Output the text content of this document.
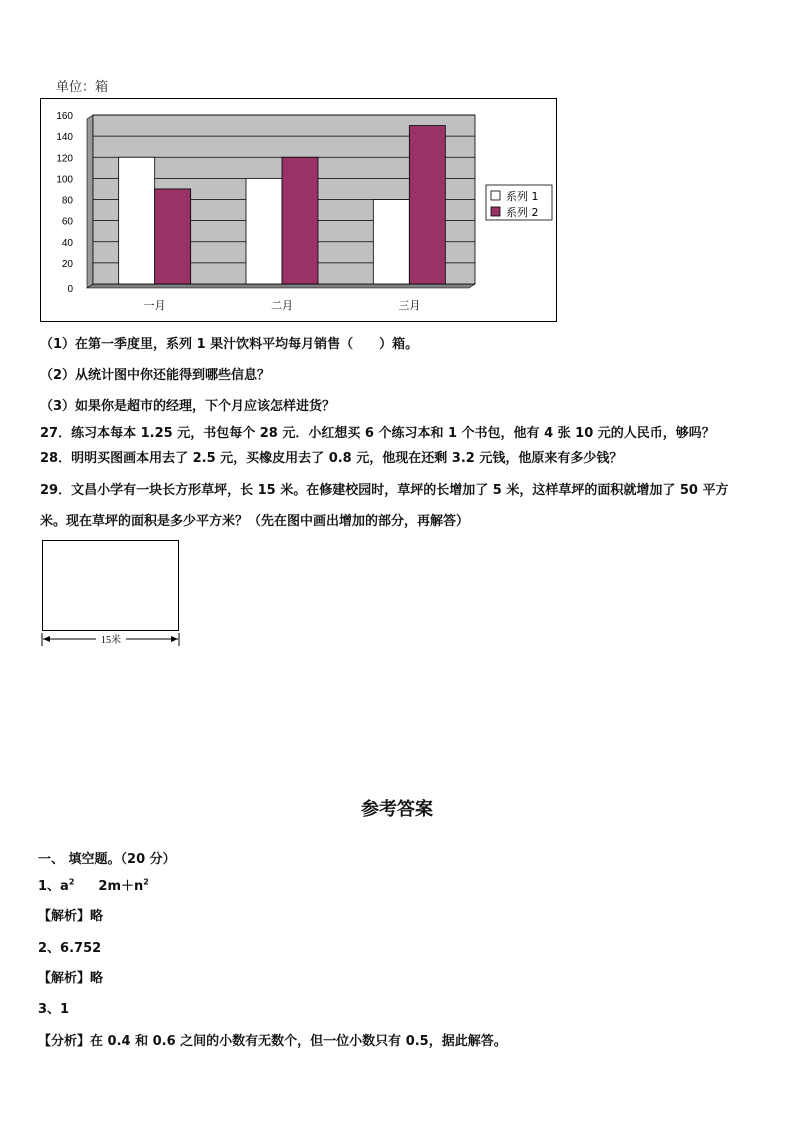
单位：箱
0
20
40
60
80
100
120
140
160
一月	二月	三月
系列 1
系列 2
（1）在第一季度里，系列 1 果汁饮料平均每月销售（　　）箱。
（2）从统计图中你还能得到哪些信息？
（3）如果你是超市的经理，下个月应该怎样进货？
27．练习本每本 1.25 元，书包每个 28 元．小红想买 6 个练习本和 1 个书包，他有 4 张 10 元的人民币，够吗？
28．明明买图画本用去了 2.5 元，买橡皮用去了 0.8 元，他现在还剩 3.2 元钱，他原来有多少钱？
29．文昌小学有一块长方形草坪，长 15 米。在修建校园时，草坪的长增加了 5 米，这样草坪的面积就增加了 50 平方
米。现在草坪的面积是多少平方米？（先在图中画出增加的部分，再解答）
15米
参考答案
一、 填空题。（20 分）
1、$a^2$ $2m+n^2$
【解析】略
2、6.752
【解析】略
3、1
【分析】在 0.4 和 0.6 之间的小数有无数个，但一位小数只有 0.5，据此解答。
